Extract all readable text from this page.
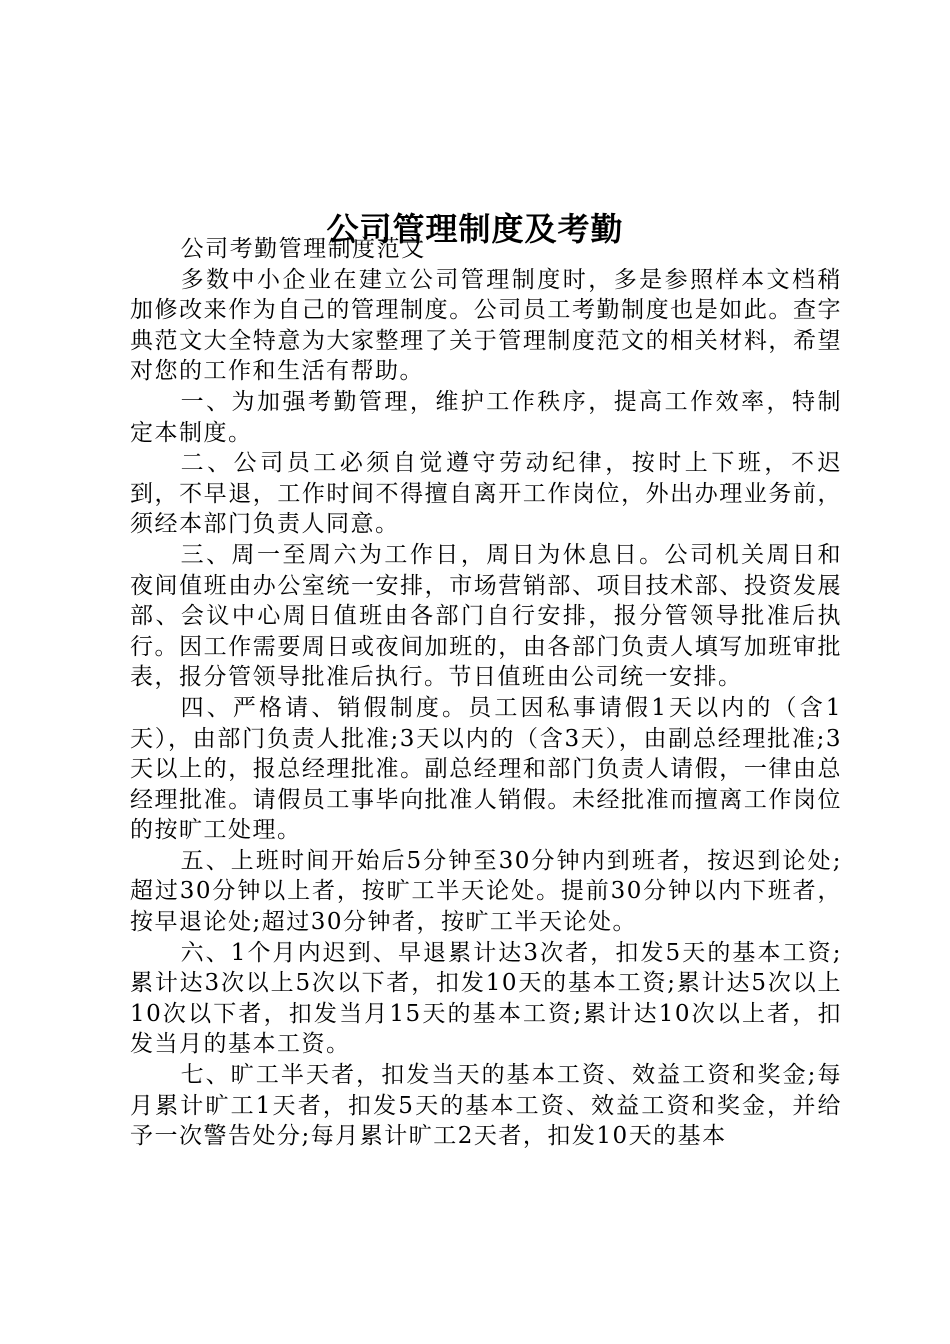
公司管理制度及考勤

公司考勤管理制度范文

多数中小企业在建立公司管理制度时，多是参照样本文档稍加修改来作为自己的管理制度。公司员工考勤制度也是如此。查字典范文大全特意为大家整理了关于管理制度范文的相关材料，希望对您的工作和生活有帮助。

一、为加强考勤管理，维护工作秩序，提高工作效率，特制定本制度。

二、公司员工必须自觉遵守劳动纪律，按时上下班，不迟到，不早退，工作时间不得擅自离开工作岗位，外出办理业务前，须经本部门负责人同意。

三、周一至周六为工作日，周日为休息日。公司机关周日和夜间值班由办公室统一安排，市场营销部、项目技术部、投资发展部、会议中心周日值班由各部门自行安排，报分管领导批准后执行。因工作需要周日或夜间加班的，由各部门负责人填写加班审批表，报分管领导批准后执行。节日值班由公司统一安排。

四、严格请、销假制度。员工因私事请假1天以内的（含1天），由部门负责人批准;3天以内的（含3天），由副总经理批准;3天以上的，报总经理批准。副总经理和部门负责人请假，一律由总经理批准。请假员工事毕向批准人销假。未经批准而擅离工作岗位的按旷工处理。

五、上班时间开始后5分钟至30分钟内到班者，按迟到论处;超过30分钟以上者，按旷工半天论处。提前30分钟以内下班者，按早退论处;超过30分钟者，按旷工半天论处。

六、1个月内迟到、早退累计达3次者，扣发5天的基本工资;累计达3次以上5次以下者，扣发10天的基本工资;累计达5次以上10次以下者，扣发当月15天的基本工资;累计达10次以上者，扣发当月的基本工资。

七、旷工半天者，扣发当天的基本工资、效益工资和奖金;每月累计旷工1天者，扣发5天的基本工资、效益工资和奖金，并给予一次警告处分;每月累计旷工2天者，扣发10天的基本
